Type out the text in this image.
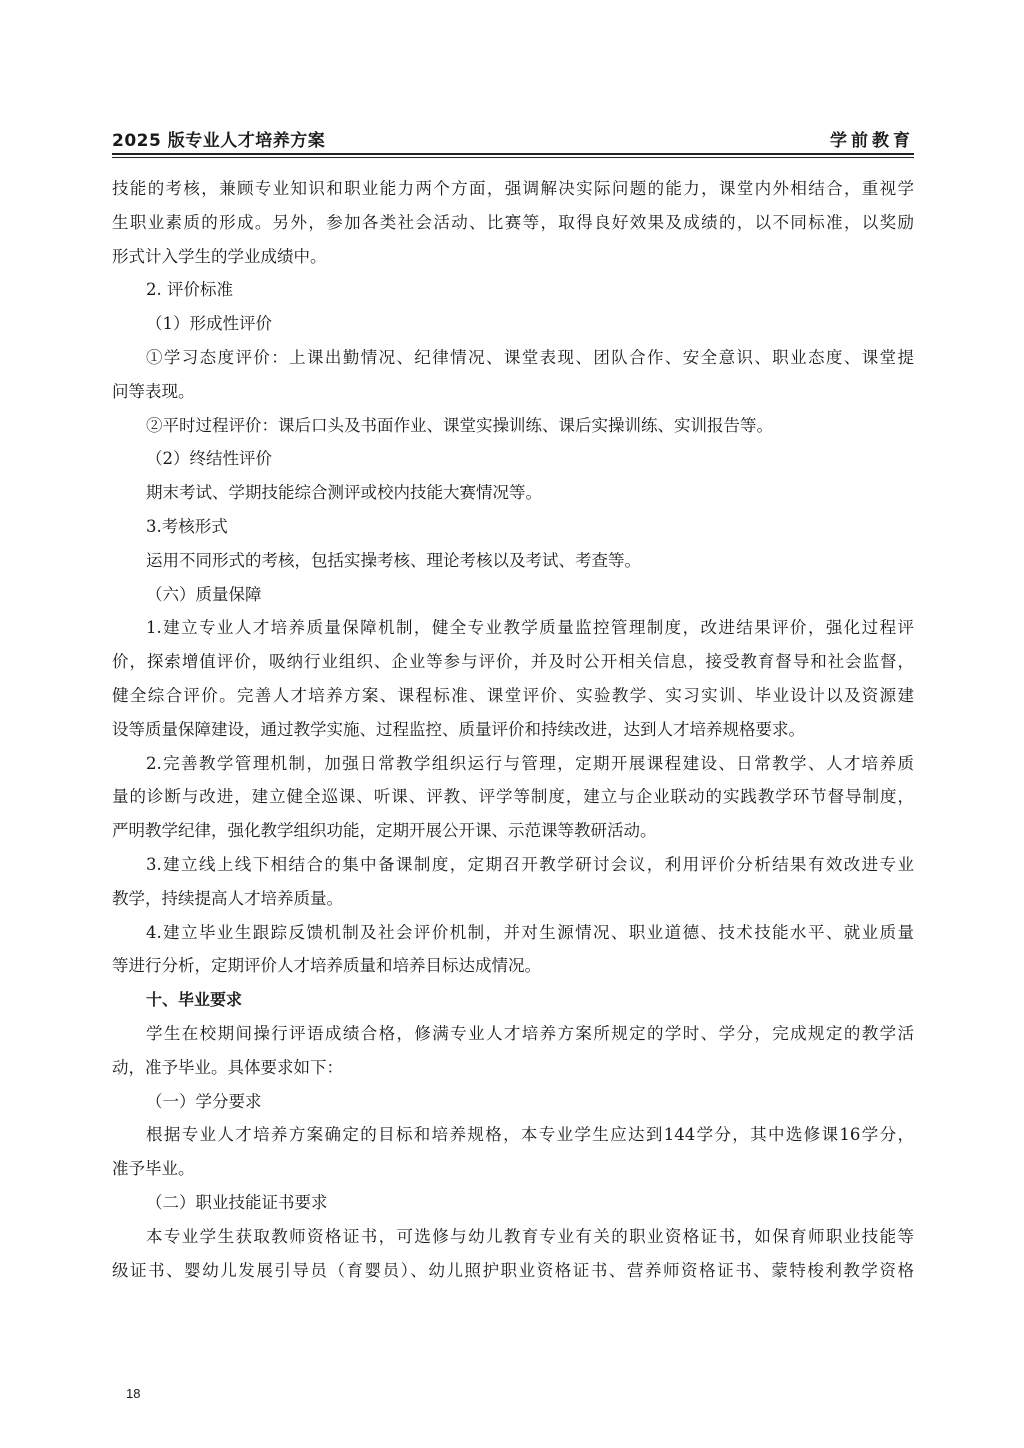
2025 版专业人才培养方案	学前教育
技能的考核，兼顾专业知识和职业能力两个方面，强调解决实际问题的能力，课堂内外相结合，重视学
生职业素质的形成。另外，参加各类社会活动、比赛等，取得良好效果及成绩的，以不同标准，以奖励
形式计入学生的学业成绩中。
2. 评价标准
（1）形成性评价
①学习态度评价：上课出勤情况、纪律情况、课堂表现、团队合作、安全意识、职业态度、课堂提
问等表现。
②平时过程评价：课后口头及书面作业、课堂实操训练、课后实操训练、实训报告等。
（2）终结性评价
期末考试、学期技能综合测评或校内技能大赛情况等。
3.考核形式
运用不同形式的考核，包括实操考核、理论考核以及考试、考查等。
（六）质量保障
1.建立专业人才培养质量保障机制，健全专业教学质量监控管理制度，改进结果评价，强化过程评
价，探索增值评价，吸纳行业组织、企业等参与评价，并及时公开相关信息，接受教育督导和社会监督，
健全综合评价。完善人才培养方案、课程标准、课堂评价、实验教学、实习实训、毕业设计以及资源建
设等质量保障建设，通过教学实施、过程监控、质量评价和持续改进，达到人才培养规格要求。
2.完善教学管理机制，加强日常教学组织运行与管理，定期开展课程建设、日常教学、人才培养质
量的诊断与改进，建立健全巡课、听课、评教、评学等制度，建立与企业联动的实践教学环节督导制度，
严明教学纪律，强化教学组织功能，定期开展公开课、示范课等教研活动。
3.建立线上线下相结合的集中备课制度，定期召开教学研讨会议，利用评价分析结果有效改进专业
教学，持续提高人才培养质量。
4.建立毕业生跟踪反馈机制及社会评价机制，并对生源情况、职业道德、技术技能水平、就业质量
等进行分析，定期评价人才培养质量和培养目标达成情况。
十、毕业要求
学生在校期间操行评语成绩合格，修满专业人才培养方案所规定的学时、学分，完成规定的教学活
动，准予毕业。具体要求如下：
（一）学分要求
根据专业人才培养方案确定的目标和培养规格，本专业学生应达到144学分，其中选修课16学分，
准予毕业。
（二）职业技能证书要求
本专业学生获取教师资格证书，可选修与幼儿教育专业有关的职业资格证书，如保育师职业技能等
级证书、婴幼儿发展引导员（育婴员）、幼儿照护职业资格证书、营养师资格证书、蒙特梭利教学资格
18
